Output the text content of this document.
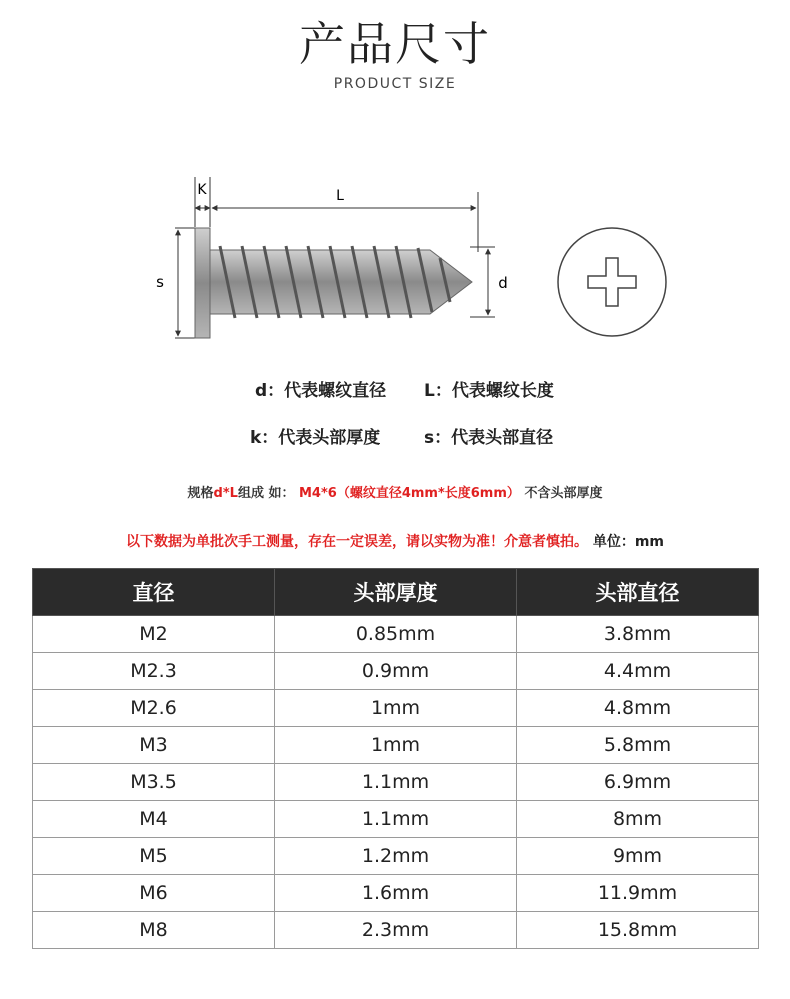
产品尺寸
PRODUCT SIZE
K	L
s	d
d：代表螺纹直径 L：代表螺纹长度
k：代表头部厚度	s：代表头部直径
规格d*L组成 如： M4*6（螺纹直径4mm*长度6mm） 不含头部厚度
以下数据为单批次手工测量，存在一定误差，请以实物为准！介意者慎拍。 单位：mm
直径	头部厚度	头部直径
M2	0.85mm	3.8mm
M2.3	0.9mm	4.4mm
M2.6	1mm	4.8mm
M3	1mm	5.8mm
M3.5	1.1mm	6.9mm
M4	1.1mm	8mm
M5	1.2mm	9mm
M6	1.6mm	11.9mm
M8	2.3mm	15.8mm
